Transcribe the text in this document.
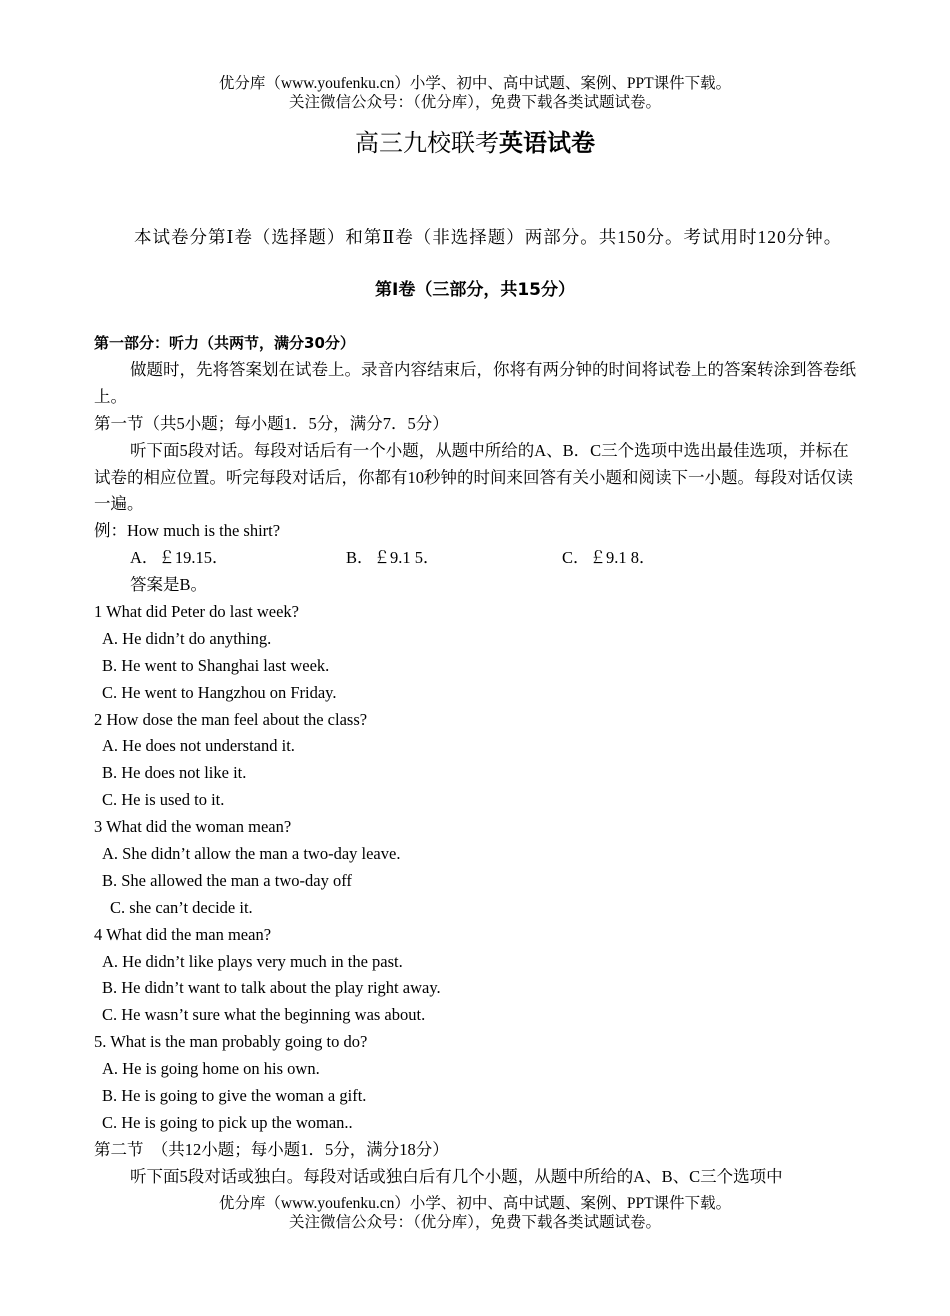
优分库（www.youfenku.cn）小学、初中、高中试题、案例、PPT课件下载。
关注微信公众号：（优分库），免费下载各类试题试卷。
高三九校联考英语试卷
本试卷分第Ⅰ卷（选择题）和第Ⅱ卷（非选择题）两部分。共150分。考试用时120分钟。
第Ⅰ卷（三部分，共15分）
第一部分：听力（共两节，满分30分）
做题时，先将答案划在试卷上。录音内容结束后，你将有两分钟的时间将试卷上的答案转涂到答卷纸上。
第一节（共5小题；每小题1．5分，满分7．5分）
听下面5段对话。每段对话后有一个小题，从题中所给的A、B．C三个选项中选出最佳选项，并标在试卷的相应位置。听完每段对话后，你都有10秒钟的时间来回答有关小题和阅读下一小题。每段对话仅读一遍。
例：How much is the shirt?
A．￡19.15．	B．￡9.1 5．	C．￡9.1 8．
答案是B。
1 What did Peter do last week?
A. He didn’t do anything.
B. He went to Shanghai last week.
C. He went to Hangzhou on Friday.
2 How dose the man feel about the class?
A. He does not understand it.
B. He does not like it.
C. He is used to it.
3 What did the woman mean?
A. She didn’t allow the man a two-day leave.
B. She allowed the man a two-day off
C. she can’t decide it.
4 What did the man mean?
A. He didn’t like plays very much in the past.
B. He didn’t want to talk about the play right away.
C. He wasn’t sure what the beginning was about.
5. What is the man probably going to do?
A. He is going home on his own.
B. He is going to give the woman a gift.
C. He is going to pick up the woman..
第二节　（共12小题；每小题1．5分，满分18分）
听下面5段对话或独白。每段对话或独白后有几个小题，从题中所给的A、B、C三个选项中
优分库（www.youfenku.cn）小学、初中、高中试题、案例、PPT课件下载。
关注微信公众号：（优分库），免费下载各类试题试卷。
